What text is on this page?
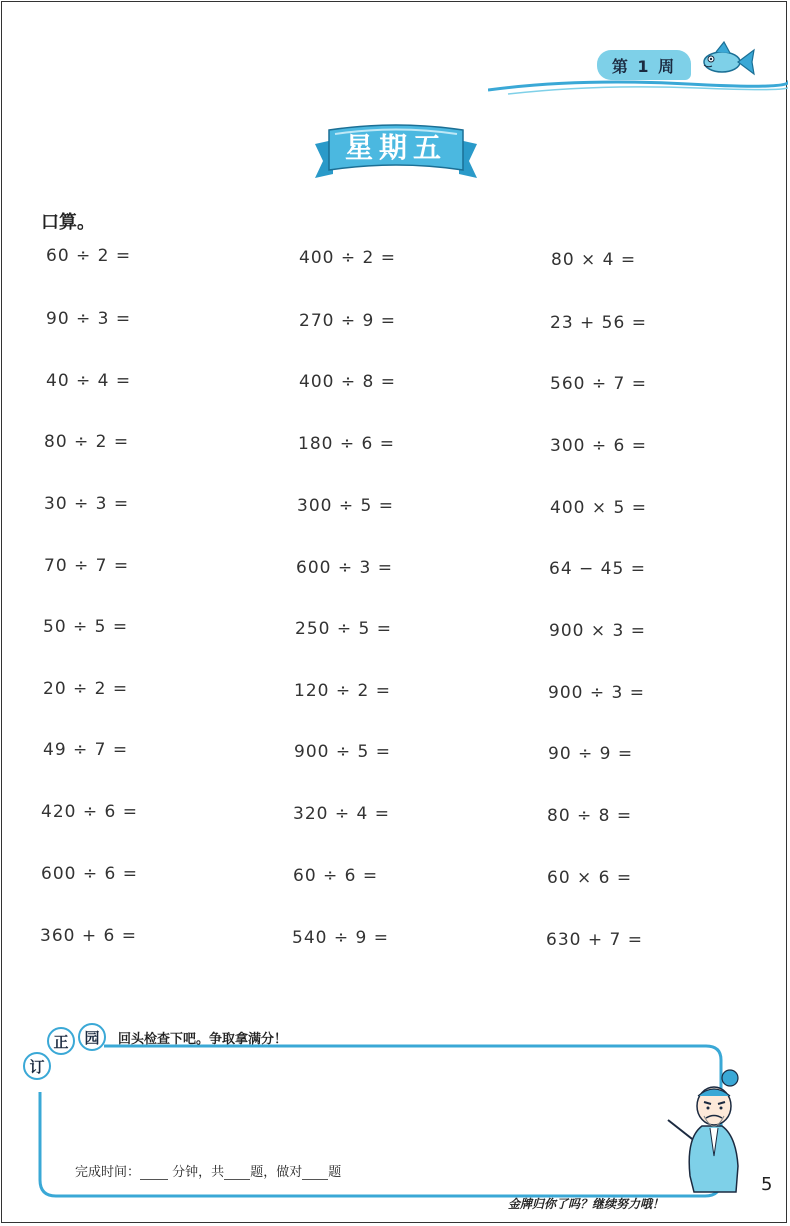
第 1 周
星期五
口算。
60 ÷ 2 =	400 ÷ 2 =	80 × 4 =
90 ÷ 3 =	270 ÷ 9 =	23 + 56 =
40 ÷ 4 =	400 ÷ 8 =	560 ÷ 7 =
80 ÷ 2 =	180 ÷ 6 =	300 ÷ 6 =
30 ÷ 3 =	300 ÷ 5 =	400 × 5 =
70 ÷ 7 =	600 ÷ 3 =	64 − 45 =
50 ÷ 5 =	250 ÷ 5 =	900 × 3 =
20 ÷ 2 =	120 ÷ 2 =	900 ÷ 3 =
49 ÷ 7 =	900 ÷ 5 =	90 ÷ 9 =
420 ÷ 6 =	320 ÷ 4 =	80 ÷ 8 =
600 ÷ 6 =	60 ÷ 6 =	60 × 6 =
360 + 6 =	540 ÷ 9 =	630 + 7 =
订
正	园	回头检查下吧。争取拿满分！
完成时间： 分钟，共 题，做对 题
金牌归你了吗？继续努力哦！
5
